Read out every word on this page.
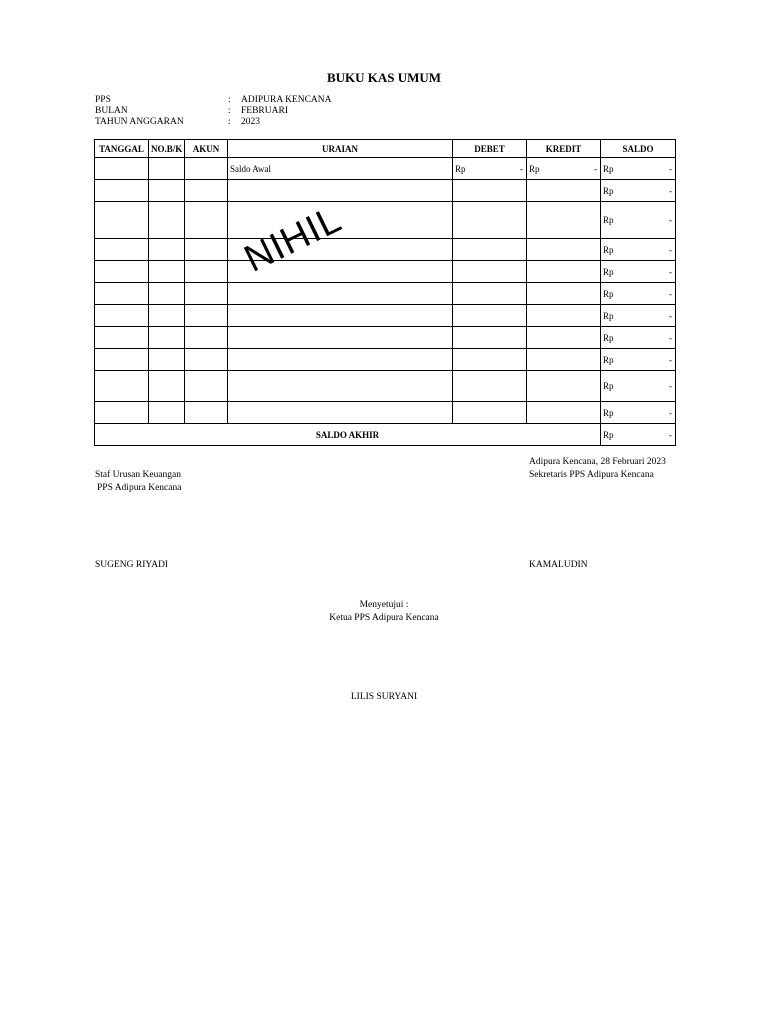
BUKU KAS UMUM
PPS	:	ADIPURA KENCANA
BULAN	:	FEBRUARI
TAHUN ANGGARAN	:	2023
TANGGAL	NO.B/K	AKUN	URAIAN	DEBET	KREDIT	SALDO
			Saldo Awal	Rp -	Rp -	Rp -

						Rp -

						Rp -

						Rp -

						Rp -

						Rp -

						Rp -

						Rp -

						Rp -

						Rp -

						Rp -

SALDO AKHIR						Rp -
NIHIL
Adipura Kencana, 28 Februari 2023
Staf Urusan Keuangan
PPS Adipura Kencana
Sekretaris PPS Adipura Kencana
SUGENG RIYADI	KAMALUDIN
Menyetujui :
Ketua PPS Adipura Kencana
LILIS SURYANI
